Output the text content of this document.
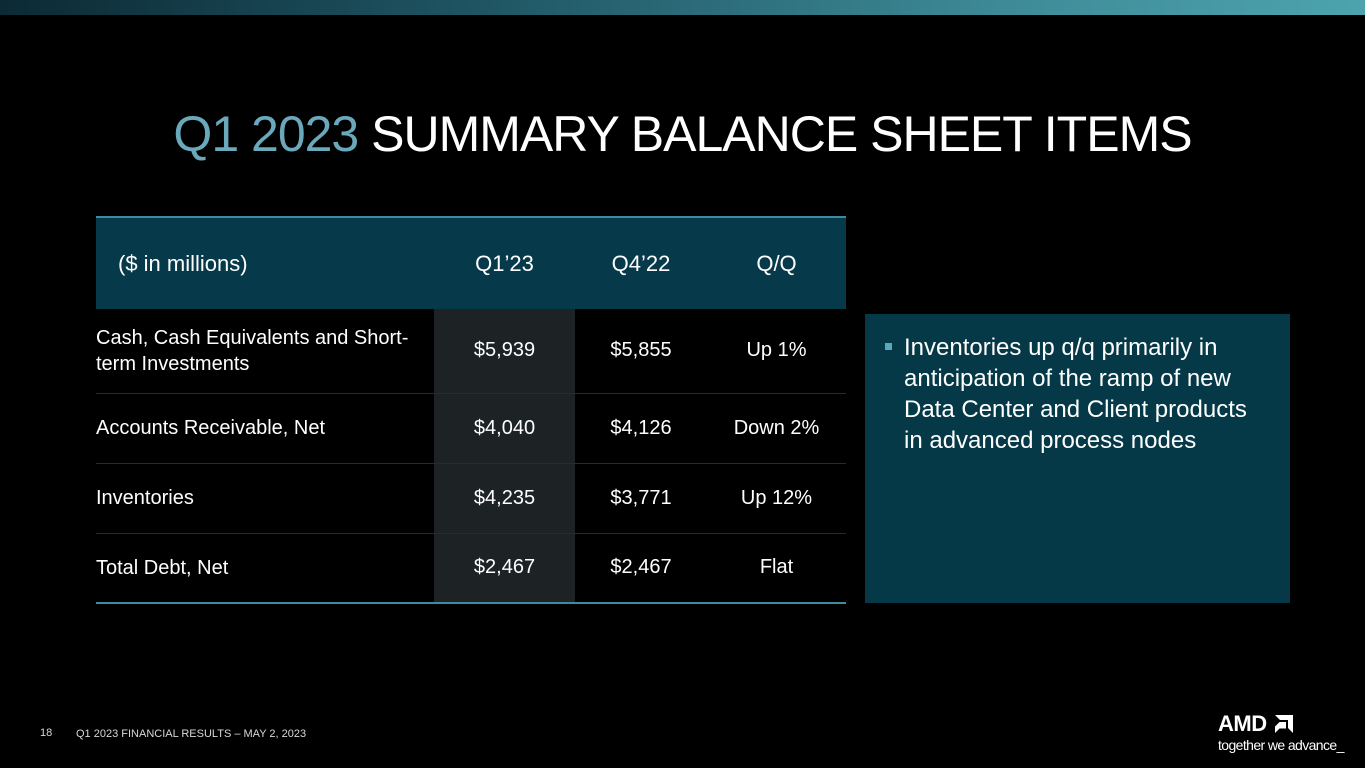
Q1 2023 SUMMARY BALANCE SHEET ITEMS
($ in millions)	Q1’23	Q4’22	Q/Q
Cash, Cash Equivalents and Short-term Investments	$5,939	$5,855	Up 1%
Accounts Receivable, Net	$4,040	$4,126	Down 2%
Inventories	$4,235	$3,771	Up 12%
Total Debt, Net	$2,467	$2,467	Flat
Inventories up q/q primarily in anticipation of the ramp of new Data Center and Client products in advanced process nodes
18 Q1 2023 FINANCIAL RESULTS – MAY 2, 2023	AMD
together we advance_
